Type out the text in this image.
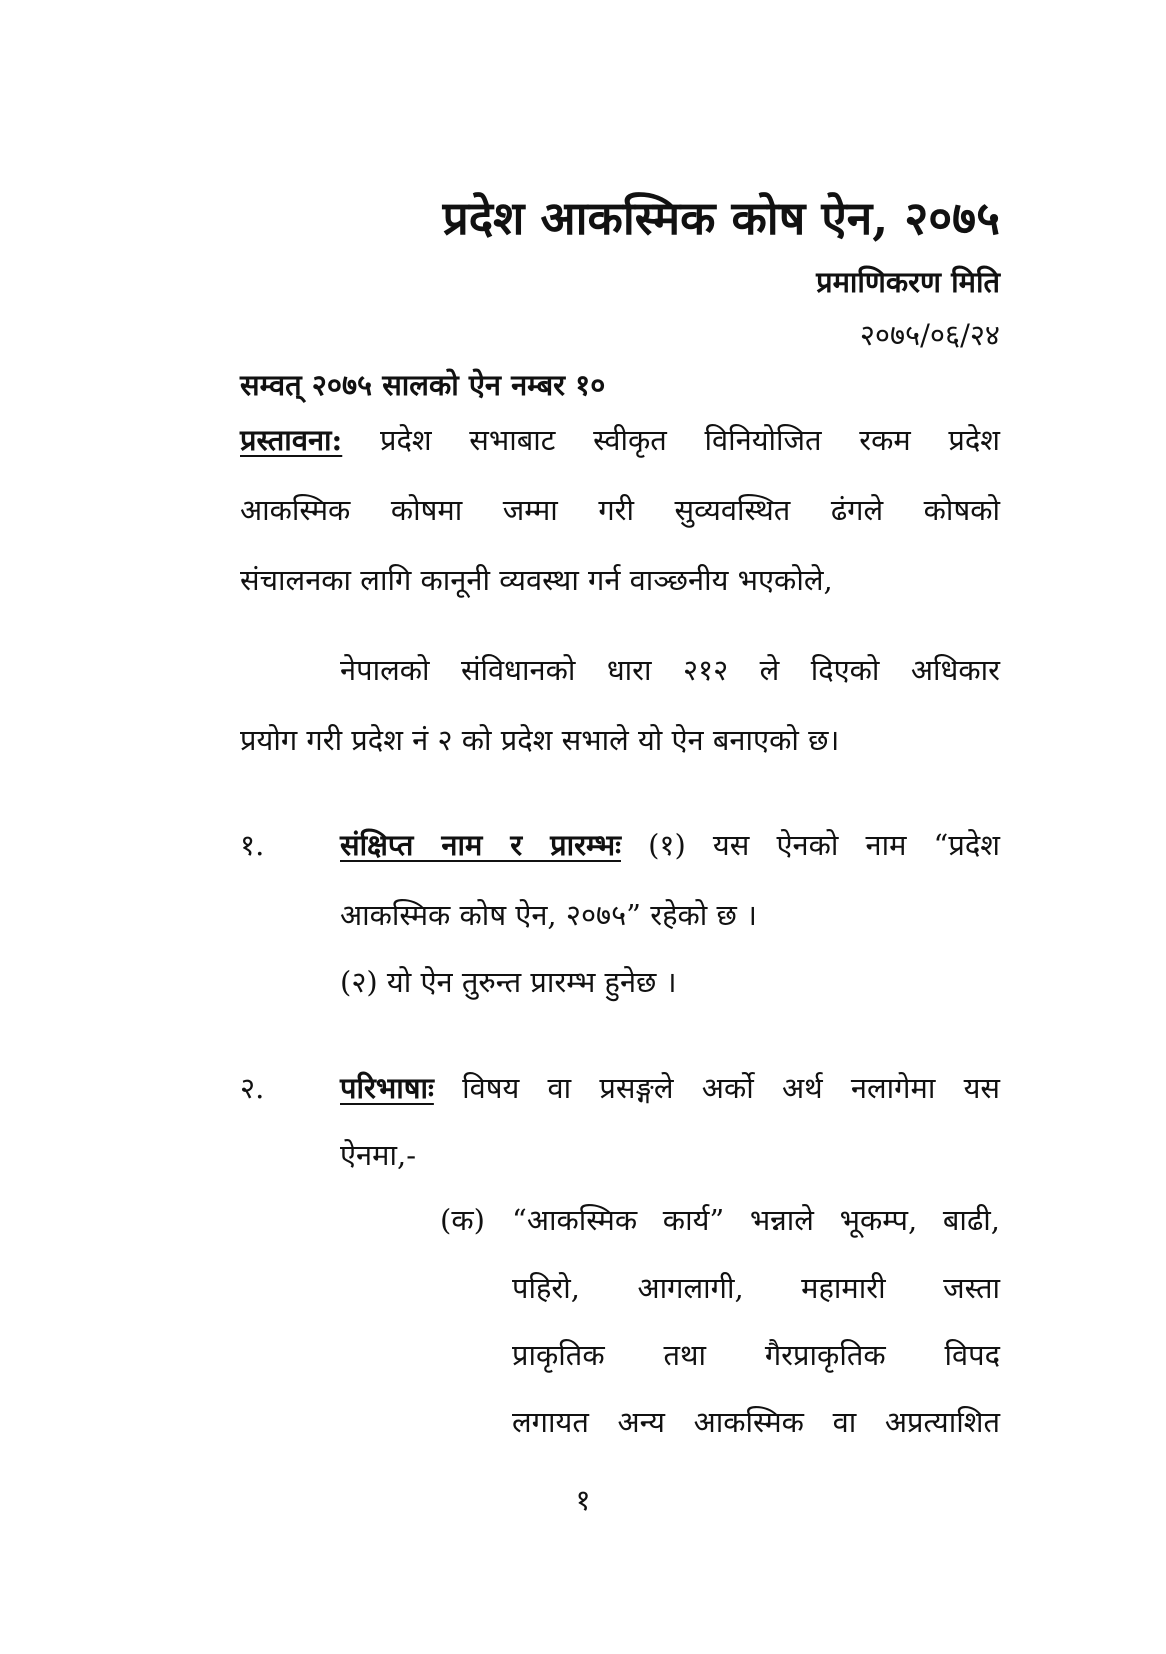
प्रदेश आकस्मिक कोष ऐन, २०७५
प्रमाणिकरण मिति
२०७५/०६/२४
सम्वत् २०७५ सालको ऐन नम्बर १०
प्रस्तावना: प्रदेश सभाबाट स्वीकृत विनियोजित रकम प्रदेश
आकस्मिक कोषमा जम्मा गरी सुव्यवस्थित ढंगले कोषको
संचालनका लागि कानूनी व्यवस्था गर्न वाञ्छनीय भएकोले,
नेपालको संविधानको धारा २१२ ले दिएको अधिकार
प्रयोग गरी प्रदेश नं २ को प्रदेश सभाले यो ऐन बनाएको छ।
१.	संक्षिप्त नाम र प्रारम्भः (१) यस ऐनको नाम “प्रदेश
आकस्मिक कोष ऐन, २०७५” रहेको छ ।
(२) यो ऐन तुरुन्त प्रारम्भ हुनेछ ।
२.	परिभाषाः विषय वा प्रसङ्गले अर्को अर्थ नलागेमा यस
ऐनमा,-
(क) “आकस्मिक कार्य” भन्नाले भूकम्प, बाढी,
पहिरो, आगलागी, महामारी जस्ता
प्राकृतिक तथा गैरप्राकृतिक विपद
लगायत अन्य आकस्मिक वा अप्रत्याशित
१
